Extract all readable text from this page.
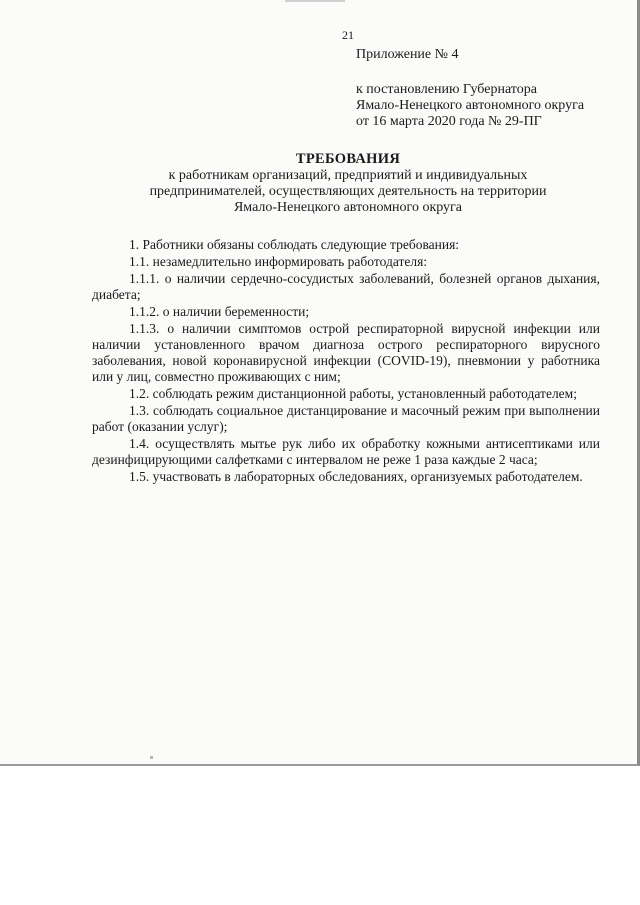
21
Приложение № 4
к постановлению Губернатора
Ямало-Ненецкого автономного округа
от 16 марта 2020 года № 29-ПГ
ТРЕБОВАНИЯ
к работникам организаций, предприятий и индивидуальных
предпринимателей, осуществляющих деятельность на территории
Ямало-Ненецкого автономного округа

1. Работники обязаны соблюдать следующие требования:

1.1. незамедлительно информировать работодателя:

1.1.1. о наличии сердечно-сосудистых заболеваний, болезней органов дыхания, диабета;

1.1.2. о наличии беременности;

1.1.3. о наличии симптомов острой респираторной вирусной инфекции или наличии установленного врачом диагноза острого респираторного вирусного заболевания, новой коронавирусной инфекции (COVID-19), пневмонии у работника или у лиц, совместно проживающих с ним;

1.2. соблюдать режим дистанционной работы, установленный работодателем;

1.3. соблюдать социальное дистанцирование и масочный режим при выполнении работ (оказании услуг);

1.4. осуществлять мытье рук либо их обработку кожными антисептиками или дезинфицирующими салфетками с интервалом не реже 1 раза каждые 2 часа;

1.5. участвовать в лабораторных обследованиях, организуемых работодателем.
